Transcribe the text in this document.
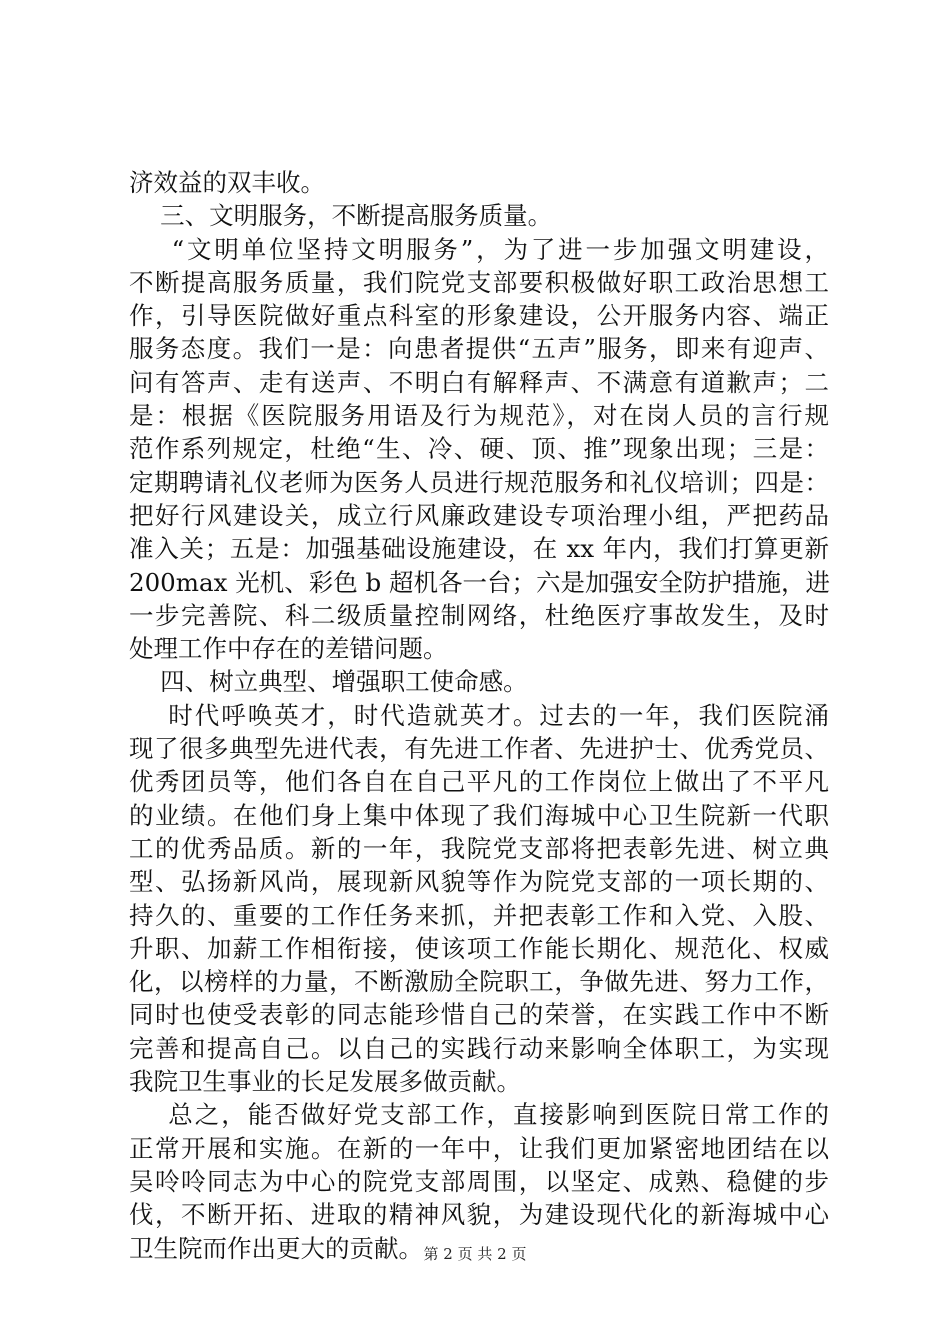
济效益的双丰收。
三、文明服务，不断提高服务质量。
“文明单位坚持文明服务”，为了进一步加强文明建设，
不断提高服务质量，我们院党支部要积极做好职工政治思想工
作，引导医院做好重点科室的形象建设，公开服务内容、端正
服务态度。我们一是：向患者提供“五声”服务，即来有迎声、
问有答声、走有送声、不明白有解释声、不满意有道歉声；二
是：根据《医院服务用语及行为规范》，对在岗人员的言行规
范作系列规定，杜绝“生、冷、硬、顶、推”现象出现；三是：
定期聘请礼仪老师为医务人员进行规范服务和礼仪培训；四是：
把好行风建设关，成立行风廉政建设专项治理小组，严把药品
准入关；五是：加强基础设施建设，在 xx 年内，我们打算更新
200max 光机、彩色 b 超机各一台；六是加强安全防护措施，进
一步完善院、科二级质量控制网络，杜绝医疗事故发生，及时
处理工作中存在的差错问题。
四、树立典型、增强职工使命感。
时代呼唤英才，时代造就英才。过去的一年，我们医院涌
现了很多典型先进代表，有先进工作者、先进护士、优秀党员、
优秀团员等，他们各自在自己平凡的工作岗位上做出了不平凡
的业绩。在他们身上集中体现了我们海城中心卫生院新一代职
工的优秀品质。新的一年，我院党支部将把表彰先进、树立典
型、弘扬新风尚，展现新风貌等作为院党支部的一项长期的、
持久的、重要的工作任务来抓，并把表彰工作和入党、入股、
升职、加薪工作相衔接，使该项工作能长期化、规范化、权威
化，以榜样的力量，不断激励全院职工，争做先进、努力工作，
同时也使受表彰的同志能珍惜自己的荣誉，在实践工作中不断
完善和提高自己。以自己的实践行动来影响全体职工，为实现
我院卫生事业的长足发展多做贡献。
总之，能否做好党支部工作，直接影响到医院日常工作的
正常开展和实施。在新的一年中，让我们更加紧密地团结在以
吴呤呤同志为中心的院党支部周围，以坚定、成熟、稳健的步
伐，不断开拓、进取的精神风貌，为建设现代化的新海城中心
卫生院而作出更大的贡献。 第 2 页 共 2 页
